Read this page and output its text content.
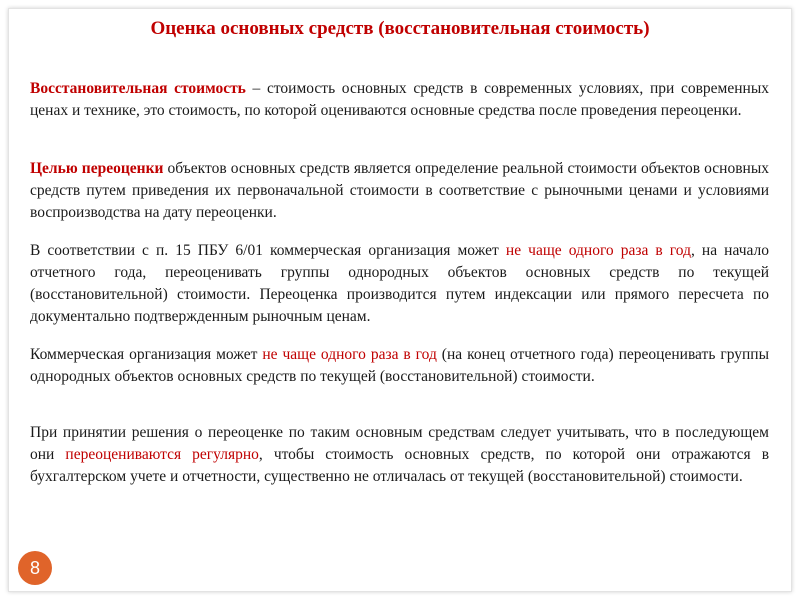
Оценка основных средств (восстановительная стоимость)

Восстановительная стоимость – стоимость основных средств в современных условиях, при современных ценах и технике, это стоимость, по которой оцениваются основные средства после проведения переоценки.

Целью переоценки объектов основных средств является определение реальной стоимости объектов основных средств путем приведения их первоначальной стоимости в соответствие с рыночными ценами и условиями воспроизводства на дату переоценки.

В соответствии с п. 15 ПБУ 6/01 коммерческая организация может не чаще одного раза в год, на начало отчетного года, переоценивать группы однородных объектов основных средств по текущей (восстановительной) стоимости. Переоценка производится путем индексации или прямого пересчета по документально подтвержденным рыночным ценам.

Коммерческая организация может не чаще одного раза в год (на конец отчетного года) переоценивать группы однородных объектов основных средств по текущей (восстановительной) стоимости.

При принятии решения о переоценке по таким основным средствам следует учитывать, что в последующем они переоцениваются регулярно, чтобы стоимость основных средств, по которой они отражаются в бухгалтерском учете и отчетности, существенно не отличалась от текущей (восстановительной) стоимости.

8
